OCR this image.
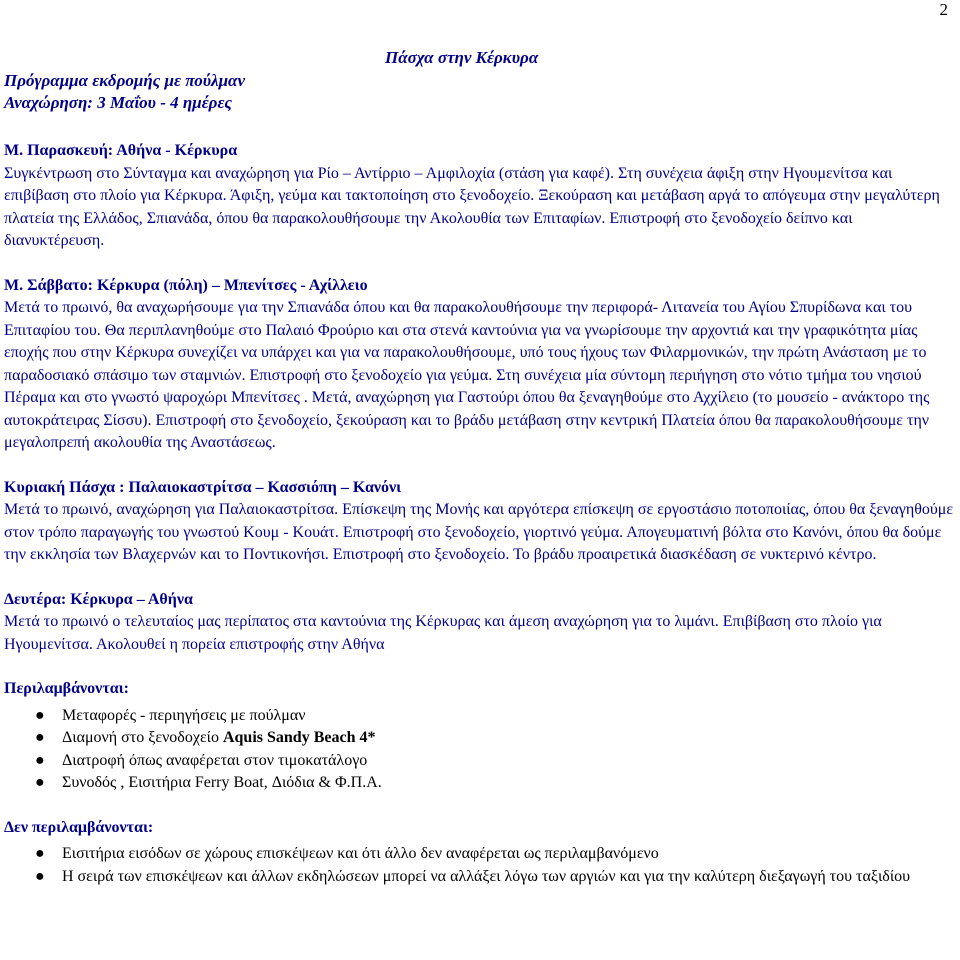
2
Πάσχα στην Κέρκυρα
Πρόγραμμα εκδρομής με πούλμαν
Αναχώρηση: 3 Μαΐου - 4 ημέρες
Μ. Παρασκευή: Αθήνα - Κέρκυρα
Συγκέντρωση στο Σύνταγμα και αναχώρηση για Ρίο – Αντίρριο – Αμφιλοχία (στάση για καφέ). Στη συνέχεια άφιξη στην Ηγουμενίτσα και επιβίβαση στο πλοίο για Κέρκυρα. Άφιξη, γεύμα και τακτοποίηση στο ξενοδοχείο. Ξεκούραση και μετάβαση αργά το απόγευμα στην μεγαλύτερη πλατεία της Ελλάδος, Σπιανάδα, όπου θα παρακολουθήσουμε την Ακολουθία των Επιταφίων. Επιστροφή στο ξενοδοχείο δείπνο και διανυκτέρευση.
Μ. Σάββατο: Κέρκυρα (πόλη) – Μπενίτσες - Αχίλλειο
Μετά το πρωινό, θα αναχωρήσουμε για την Σπιανάδα όπου και θα παρακολουθήσουμε την περιφορά- Λιτανεία του Αγίου Σπυρίδωνα και του Επιταφίου του. Θα περιπλανηθούμε στο Παλαιό Φρούριο και στα στενά καντούνια για να γνωρίσουμε την αρχοντιά και την γραφικότητα μίας εποχής που στην Κέρκυρα συνεχίζει να υπάρχει και για να παρακολουθήσουμε, υπό τους ήχους των Φιλαρμονικών, την πρώτη Ανάσταση με το παραδοσιακό σπάσιμο των σταμνιών. Επιστροφή στο ξενοδοχείο για γεύμα. Στη συνέχεια μία σύντομη περιήγηση στο νότιο τμήμα του νησιού Πέραμα και στο γνωστό ψαροχώρι Μπενίτσες . Μετά, αναχώρηση για Γαστούρι όπου θα ξεναγηθούμε στο Αχχίλειο (το μουσείο - ανάκτορο της αυτοκράτειρας Σίσσυ). Επιστροφή στο ξενοδοχείο, ξεκούραση και το βράδυ μετάβαση στην κεντρική Πλατεία όπου θα παρακολουθήσουμε την μεγαλοπρεπή ακολουθία της Αναστάσεως.
Κυριακή Πάσχα : Παλαιοκαστρίτσα – Κασσιόπη – Κανόνι
Μετά το πρωινό, αναχώρηση για Παλαιοκαστρίτσα. Επίσκεψη της Μονής και αργότερα επίσκεψη σε εργοστάσιο ποτοποιίας, όπου θα ξεναγηθούμε στον τρόπο παραγωγής του γνωστού Κουμ - Κουάτ. Επιστροφή στο ξενοδοχείο, γιορτινό γεύμα. Απογευματινή βόλτα στο Κανόνι, όπου θα δούμε την εκκλησία των Βλαχερνών και το Ποντικονήσι. Επιστροφή στο ξενοδοχείο. Το βράδυ προαιρετικά διασκέδαση σε νυκτερινό κέντρο.
Δευτέρα: Κέρκυρα – Αθήνα
Μετά το πρωινό ο τελευταίος μας περίπατος στα καντούνια της Κέρκυρας και άμεση αναχώρηση για το λιμάνι. Επιβίβαση στο πλοίο για Ηγουμενίτσα. Ακολουθεί η πορεία επιστροφής στην Αθήνα
Περιλαμβάνονται:
● Μεταφορές - περιηγήσεις με πούλμαν
● Διαμονή στο ξενοδοχείο Aquis Sandy Beach 4*
● Διατροφή όπως αναφέρεται στον τιμοκατάλογο
● Συνοδός , Εισιτήρια Ferry Boat, Διόδια & Φ.Π.Α.
Δεν περιλαμβάνονται:
● Εισιτήρια εισόδων σε χώρους επισκέψεων και ότι άλλο δεν αναφέρεται ως περιλαμβανόμενο
● Η σειρά των επισκέψεων και άλλων εκδηλώσεων μπορεί να αλλάξει λόγω των αργιών και για την καλύτερη διεξαγωγή του ταξιδίου
